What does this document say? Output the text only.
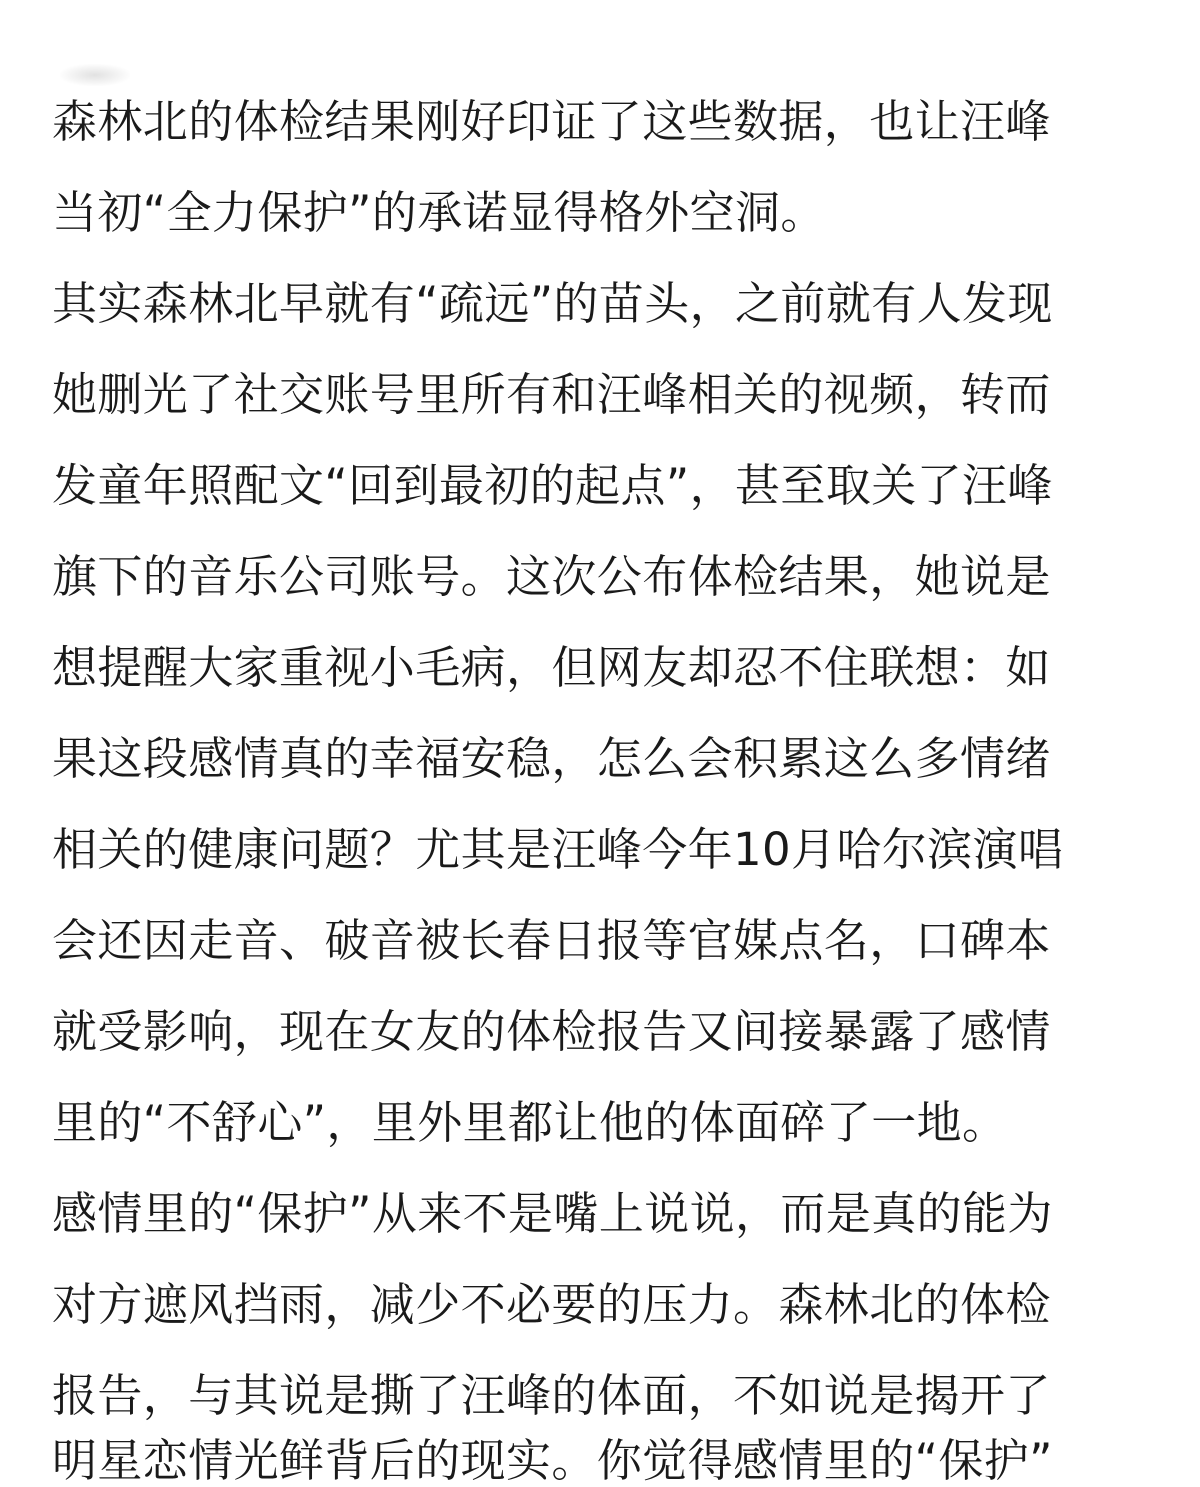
森林北的体检结果刚好印证了这些数据，也让汪峰
当初“全力保护”的承诺显得格外空洞。
其实森林北早就有“疏远”的苗头，之前就有人发现
她删光了社交账号里所有和汪峰相关的视频，转而
发童年照配文“回到最初的起点”，甚至取关了汪峰
旗下的音乐公司账号。这次公布体检结果，她说是
想提醒大家重视小毛病，但网友却忍不住联想：如
果这段感情真的幸福安稳，怎么会积累这么多情绪
相关的健康问题？尤其是汪峰今年10月哈尔滨演唱
会还因走音、破音被长春日报等官媒点名，口碑本
就受影响，现在女友的体检报告又间接暴露了感情
里的“不舒心”，里外里都让他的体面碎了一地。
感情里的“保护”从来不是嘴上说说，而是真的能为
对方遮风挡雨，减少不必要的压力。森林北的体检
报告，与其说是撕了汪峰的体面，不如说是揭开了
明星恋情光鲜背后的现实。你觉得感情里的“保护”
